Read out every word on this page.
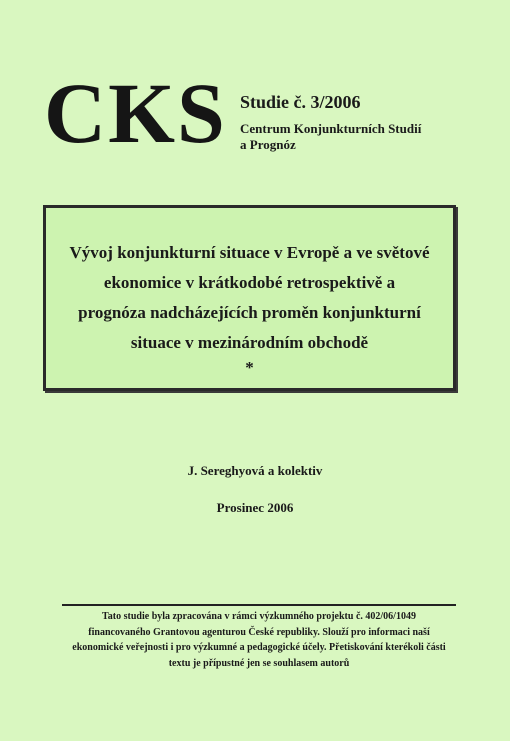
CKS Studie č. 3/2006
Centrum Konjunkturních Studií
a Prognóz
Vývoj konjunkturní situace v Evropě a ve světové
ekonomice v krátkodobé retrospektivě a
prognóza nadcházejících proměn konjunkturní
situace v mezinárodním obchodě
*
J. Sereghyová a kolektiv
Prosinec 2006
Tato studie byla zpracována v rámci výzkumného projektu č. 402/06/1049
financovaného Grantovou agenturou České republiky. Slouží pro informaci naší
ekonomické veřejnosti i pro výzkumné a pedagogické účely. Přetiskování kterékoli části
textu je přípustné jen se souhlasem autorů
